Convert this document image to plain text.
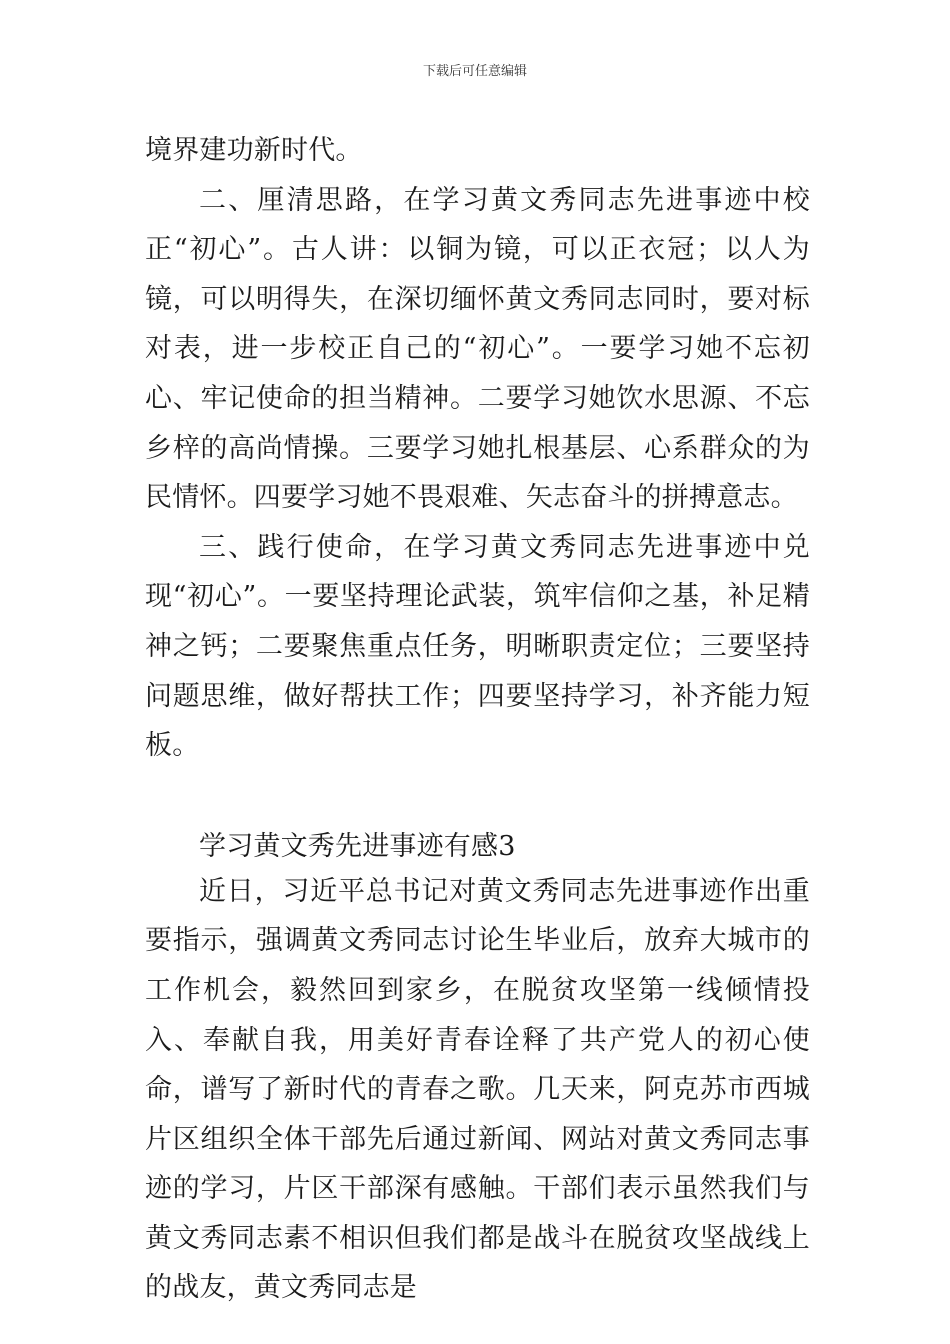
下载后可任意编辑

境界建功新时代。

二、厘清思路，在学习黄文秀同志先进事迹中校正“初心”。古人讲：以铜为镜，可以正衣冠；以人为镜，可以明得失，在深切缅怀黄文秀同志同时，要对标对表，进一步校正自己的“初心”。一要学习她不忘初心、牢记使命的担当精神。二要学习她饮水思源、不忘乡梓的高尚情操。三要学习她扎根基层、心系群众的为民情怀。四要学习她不畏艰难、矢志奋斗的拼搏意志。

三、践行使命，在学习黄文秀同志先进事迹中兑现“初心”。一要坚持理论武装，筑牢信仰之基，补足精神之钙；二要聚焦重点任务，明晰职责定位；三要坚持问题思维，做好帮扶工作；四要坚持学习，补齐能力短板。

学习黄文秀先进事迹有感3

近日，习近平总书记对黄文秀同志先进事迹作出重要指示，强调黄文秀同志讨论生毕业后，放弃大城市的工作机会，毅然回到家乡，在脱贫攻坚第一线倾情投入、奉献自我，用美好青春诠释了共产党人的初心使命，谱写了新时代的青春之歌。几天来，阿克苏市西城片区组织全体干部先后通过新闻、网站对黄文秀同志事迹的学习，片区干部深有感触。干部们表示虽然我们与黄文秀同志素不相识但我们都是战斗在脱贫攻坚战线上的战友，黄文秀同志是
